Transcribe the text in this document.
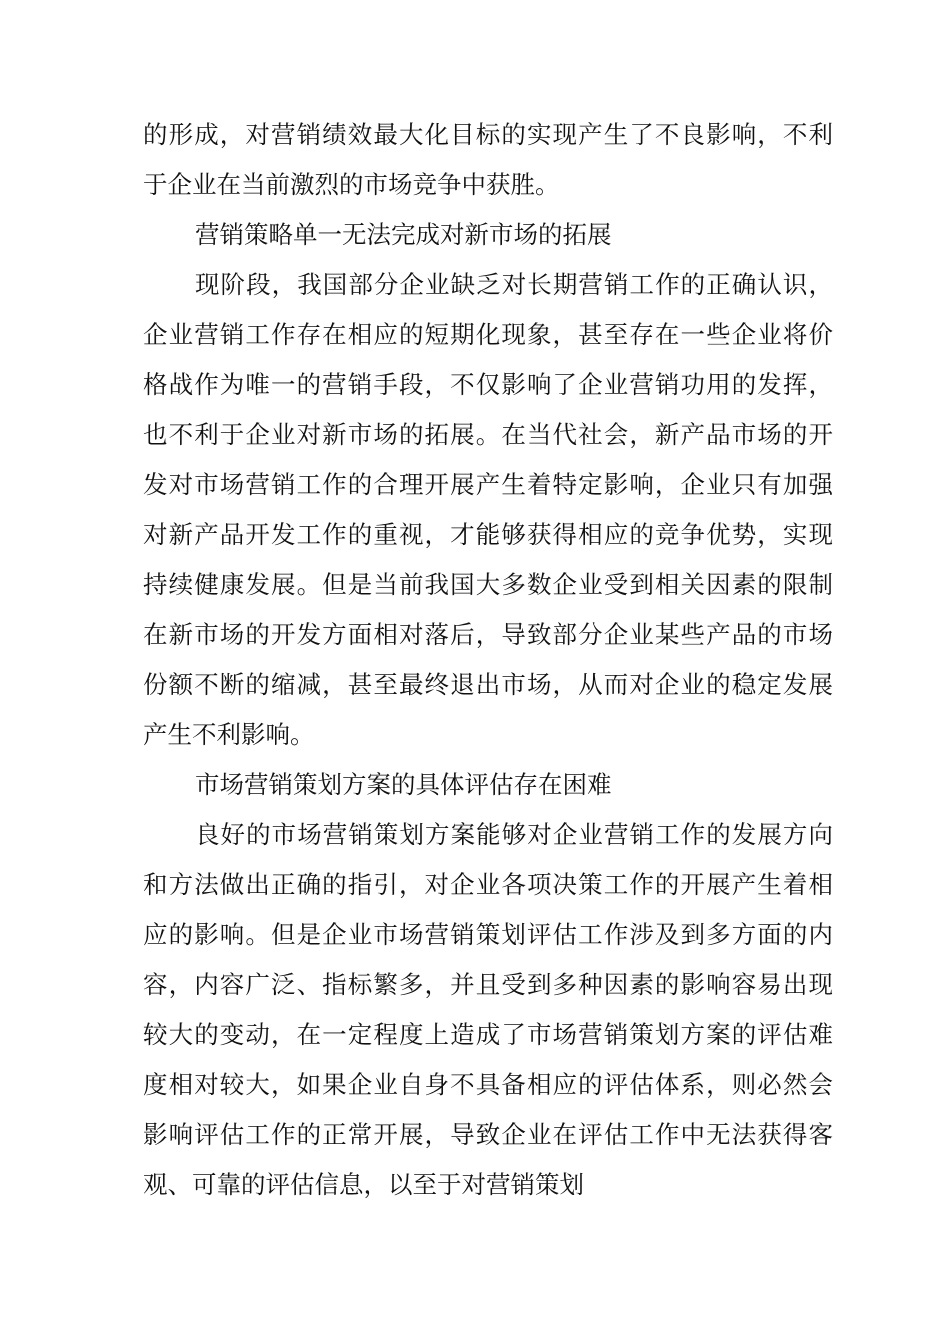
的形成，对营销绩效最大化目标的实现产生了不良影响，不利
于企业在当前激烈的市场竞争中获胜。
营销策略单一无法完成对新市场的拓展
现阶段，我国部分企业缺乏对长期营销工作的正确认识，
企业营销工作存在相应的短期化现象，甚至存在一些企业将价
格战作为唯一的营销手段，不仅影响了企业营销功用的发挥，
也不利于企业对新市场的拓展。在当代社会，新产品市场的开
发对市场营销工作的合理开展产生着特定影响，企业只有加强
对新产品开发工作的重视，才能够获得相应的竞争优势，实现
持续健康发展。但是当前我国大多数企业受到相关因素的限制
在新市场的开发方面相对落后，导致部分企业某些产品的市场
份额不断的缩减，甚至最终退出市场，从而对企业的稳定发展
产生不利影响。
市场营销策划方案的具体评估存在困难
良好的市场营销策划方案能够对企业营销工作的发展方向
和方法做出正确的指引，对企业各项决策工作的开展产生着相
应的影响。但是企业市场营销策划评估工作涉及到多方面的内
容，内容广泛、指标繁多，并且受到多种因素的影响容易出现
较大的变动，在一定程度上造成了市场营销策划方案的评估难
度相对较大，如果企业自身不具备相应的评估体系，则必然会
影响评估工作的正常开展，导致企业在评估工作中无法获得客
观、可靠的评估信息，以至于对营销策划
